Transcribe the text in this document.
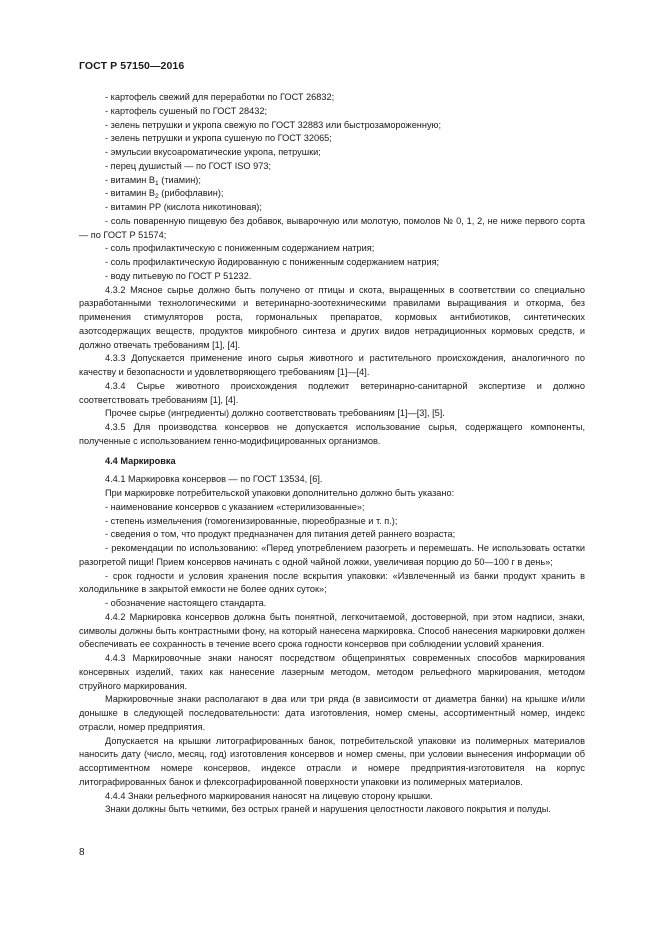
ГОСТ Р 57150—2016

- картофель свежий для переработки по ГОСТ 26832;

- картофель сушеный по ГОСТ 28432;

- зелень петрушки и укропа свежую по ГОСТ 32883 или быстрозамороженную;

- зелень петрушки и укропа сушеную по ГОСТ 32065;

- эмульсии вкусоароматические укропа, петрушки;

- перец душистый — по ГОСТ ISO 973;

- витамин $В_1$ (тиамин);

- витамин $В_2$ (рибофлавин);

- витамин РР (кислота никотиновая);

- соль поваренную пищевую без добавок, выварочную или молотую, помолов № 0, 1, 2, не ниже первого сорта — по ГОСТ Р 51574;

- соль профилактическую с пониженным содержанием натрия;

- соль профилактическую йодированную с пониженным содержанием натрия;

- воду питьевую по ГОСТ Р 51232.

4.3.2 Мясное сырье должно быть получено от птицы и скота, выращенных в соответствии со специально разработанными технологическими и ветеринарно-зоотехническими правилами выращивания и откорма, без применения стимуляторов роста, гормональных препаратов, кормовых антибиотиков, синтетических азотсодержащих веществ, продуктов микробного синтеза и других видов нетрадиционных кормовых средств, и должно отвечать требованиям [1], [4].

4.3.3 Допускается применение иного сырья животного и растительного происхождения, аналогичного по качеству и безопасности и удовлетворяющего требованиям [1]—[4].

4.3.4 Сырье животного происхождения подлежит ветеринарно-санитарной экспертизе и должно соответствовать требованиям [1], [4].

Прочее сырье (ингредиенты) должно соответствовать требованиям [1]—[3], [5].

4.3.5 Для производства консервов не допускается использование сырья, содержащего компоненты, полученные с использованием генно-модифицированных организмов.

4.4 Маркировка

4.4.1 Маркировка консервов — по ГОСТ 13534, [6].

При маркировке потребительской упаковки дополнительно должно быть указано:

- наименование консервов с указанием «стерилизованные»;

- степень измельчения (гомогенизированные, пюреобразные и т. п.);

- сведения о том, что продукт предназначен для питания детей раннего возраста;

- рекомендации по использованию: «Перед употреблением разогреть и перемешать. Не использовать остатки разогретой пищи! Прием консервов начинать с одной чайной ложки, увеличивая порцию до 50—100 г в день»;

- срок годности и условия хранения после вскрытия упаковки: «Извлеченный из банки продукт хранить в холодильнике в закрытой емкости не более одних суток»;

- обозначение настоящего стандарта.

4.4.2 Маркировка консервов должна быть понятной, легкочитаемой, достоверной, при этом надписи, знаки, символы должны быть контрастными фону, на который нанесена маркировка. Способ нанесения маркировки должен обеспечивать ее сохранность в течение всего срока годности консервов при соблюдении условий хранения.

4.4.3 Маркировочные знаки наносят посредством общепринятых современных способов маркирования консервных изделий, таких как нанесение лазерным методом, методом рельефного маркирования, методом струйного маркирования.

Маркировочные знаки располагают в два или три ряда (в зависимости от диаметра банки) на крышке и/или донышке в следующей последовательности: дата изготовления, номер смены, ассортиментный номер, индекс отрасли, номер предприятия.

Допускается на крышки литографированных банок, потребительской упаковки из полимерных материалов наносить дату (число, месяц, год) изготовления консервов и номер смены, при условии вынесения информации об ассортиментном номере консервов, индексе отрасли и номере предприятия-изготовителя на корпус литографированных банок и флексографированной поверхности упаковки из полимерных материалов.

4.4.4 Знаки рельефного маркирования наносят на лицевую сторону крышки.

Знаки должны быть четкими, без острых граней и нарушения целостности лакового покрытия и полуды.

8
